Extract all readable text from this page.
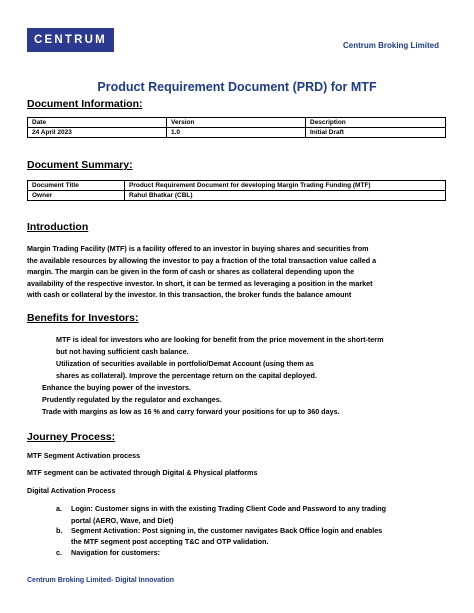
CENTRUM	Centrum Broking Limited
Product Requirement Document (PRD) for MTF
Document Information:
Date	Version	Description
24 April 2023	1.0	Initial Draft
Document Summary:
Document Title	Product Requirement Document for developing Margin Trading Funding (MTF)
Owner	Rahul Bhatkar (CBL)
Introduction
Margin Trading Facility (MTF) is a facility offered to an investor in buying shares and securities from
the available resources by allowing the investor to pay a fraction of the total transaction value called a
margin. The margin can be given in the form of cash or shares as collateral depending upon the
availability of the respective investor. In short, it can be termed as leveraging a position in the market
with cash or collateral by the investor. In this transaction, the broker funds the balance amount
Benefits for Investors:
MTF is ideal for investors who are looking for benefit from the price movement in the short-term
but not having sufficient cash balance.
Utilization of securities available in portfolio/Demat Account (using them as
shares as collateral). Improve the percentage return on the capital deployed.
Enhance the buying power of the investors.
Prudently regulated by the regulator and exchanges.
Trade with margins as low as 16 % and carry forward your positions for up to 360 days.
Journey Process:
MTF Segment Activation process
MTF segment can be activated through Digital & Physical platforms
Digital Activation Process
a. Login: Customer signs in with the existing Trading Client Code and Password to any trading
portal (AERO, Wave, and Diet)
b. Segment Activation: Post signing in, the customer navigates Back Office login and enables
the MTF segment post accepting T&C and OTP validation.
c. Navigation for customers:
Centrum Broking Limited- Digital Innovation
